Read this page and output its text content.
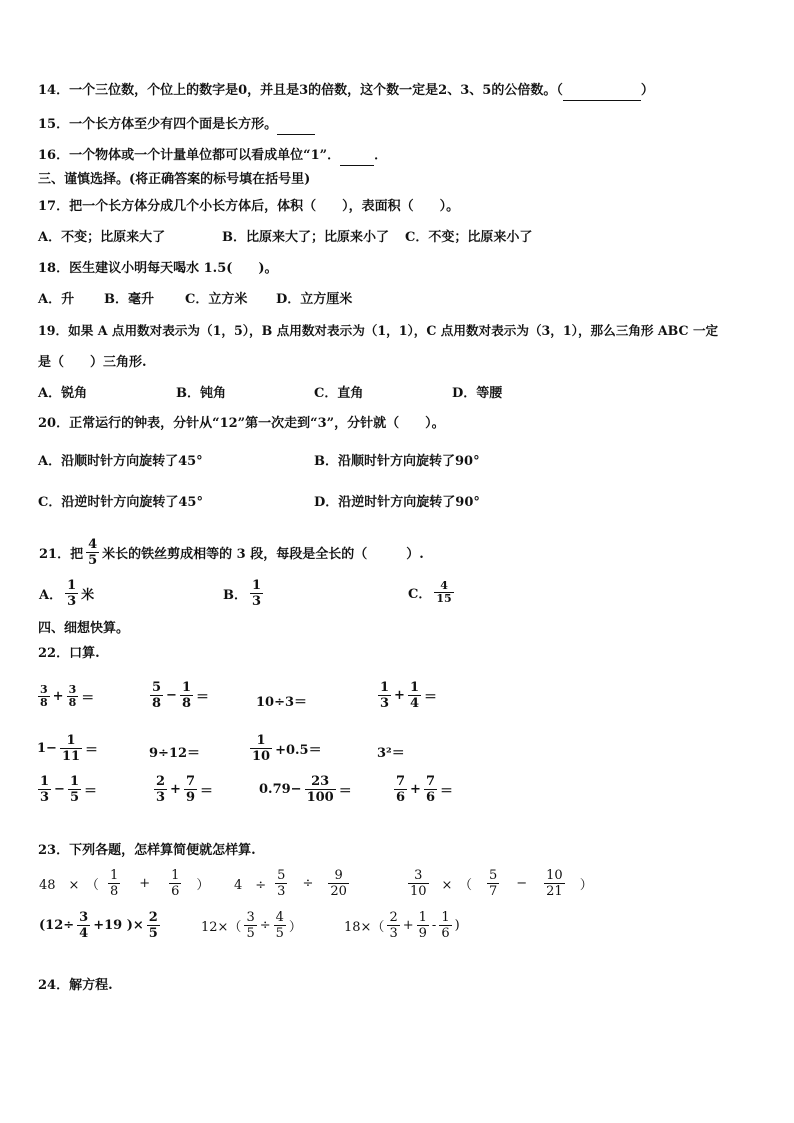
14．一个三位数，个位上的数字是0，并且是3的倍数，这个数一定是2、3、5的公倍数。（	）
15．一个长方体至少有四个面是长方形。
16．一个物体或一个计量单位都可以看成单位“1”．	．
三、谨慎选择。(将正确答案的标号填在括号里)
17．把一个长方体分成几个小长方体后，体积（　　），表面积（　　）。
A．不变；比原来大了	B．比原来大了；比原来小了 C．不变；比原来小了
18．医生建议小明每天喝水 1.5(　　)。
A．升 B．毫升 C．立方米 D．立方厘米
19．如果 A 点用数对表示为（1，5），B 点用数对表示为（1，1），C 点用数对表示为（3，1），那么三角形 ABC 一定
是（　　）三角形.
A．锐角	B．钝角	C．直角	D．等腰
20．正常运行的钟表，分针从“12”第一次走到“3”，分针就（　　）。
A．沿顺时针方向旋转了45°	B．沿顺时针方向旋转了90°
C．沿逆时针方向旋转了45°	D．沿逆时针方向旋转了90°
21．把 $\frac{4}{5}$ 米长的铁丝剪成相等的 3 段，每段是全长的（　　　）.
A． $\frac{1}{3}$ 米	B． $\frac{1}{3}$	C． $\frac{4}{15}$
四、细想快算。
22．口算.
$\frac{3}{8} + \frac{3}{8}$ ＝	$\frac{5}{8} - \frac{1}{8}$ ＝	10÷3＝	$\frac{1}{3} + \frac{1}{4}$ ＝
$1- \frac{1}{11}$ ＝	9÷12＝	$\frac{1}{10} +0.5=$	3²＝
$\frac{1}{3} - \frac{1}{5}$ ＝	$\frac{2}{3} + \frac{7}{9}$ ＝	$0.79- \frac{23}{100}$ ＝	$\frac{7}{6} + \frac{7}{6}$ ＝
23．下列各题，怎样算简便就怎样算.
48　×　（ $\frac{1}{8} + \frac{1}{6}$ ） 4　÷ $\frac{5}{3} \div \frac{9}{20}$	$\frac{3}{10}$ ×　（ $\frac{5}{7} - \frac{10}{21}$ ）
($12\div \frac{3}{4} +19$ )× $\frac{2}{5}$	$12\times( \frac{3}{5} \div \frac{4}{5}$ ）	$18\times( \frac{2}{3} + \frac{1}{9} - \frac{1}{6}$ )
24．解方程.
